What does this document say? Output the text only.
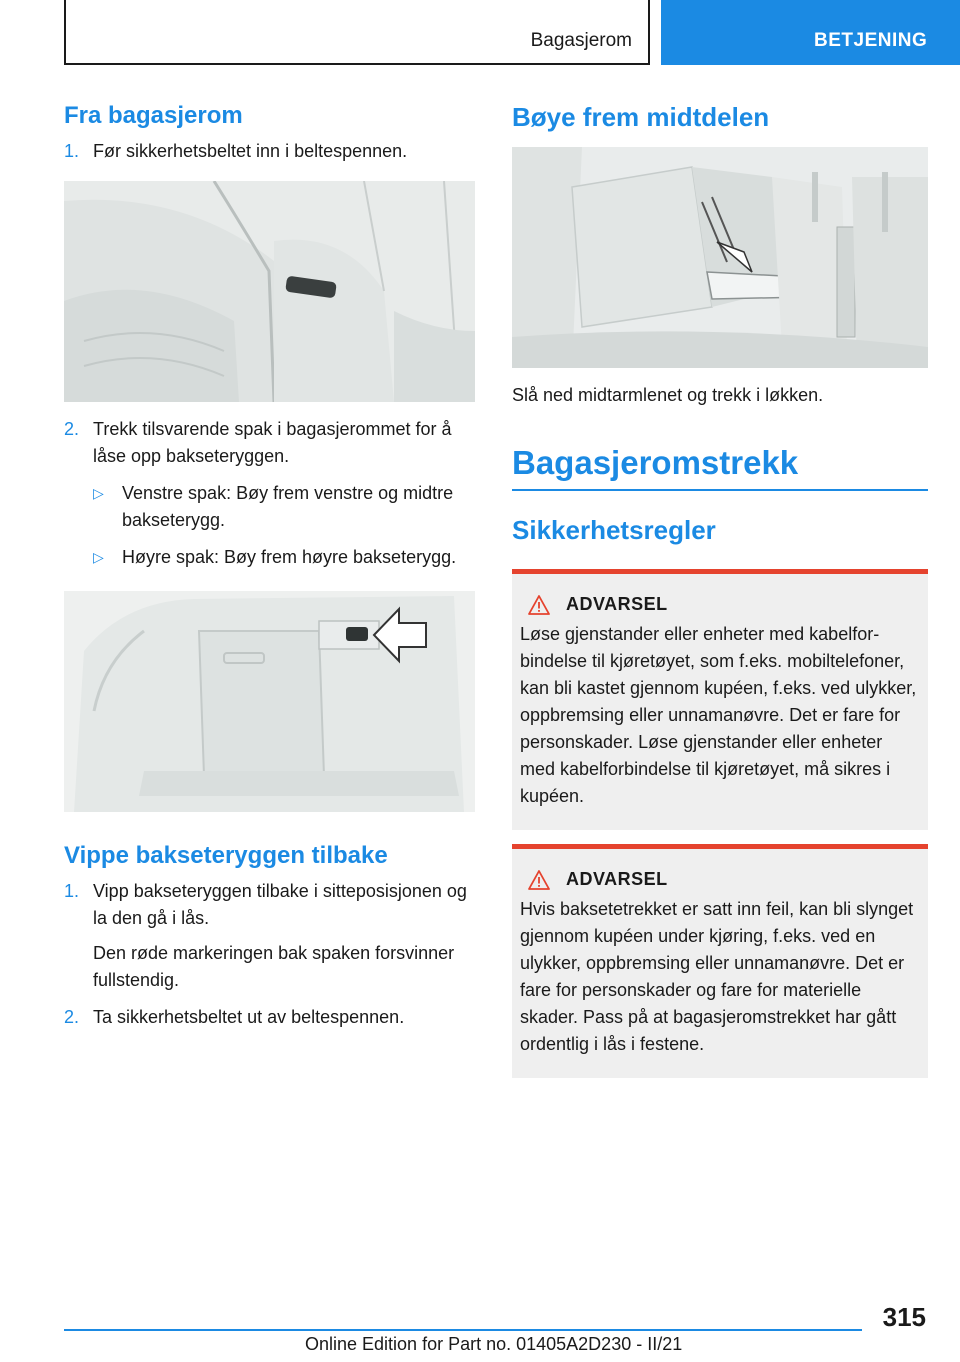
Bagasjerom	BETJENING
Fra bagasjerom
1. Før sikkerhetsbeltet inn i beltespennen.
2. Trekk tilsvarende spak i bagasjerommet for å låse opp bakseteryggen.
▷ Venstre spak: Bøy frem venstre og midtre bakseterygg.
▷ Høyre spak: Bøy frem høyre bakseterygg.
Vippe bakseteryggen tilbake
1. Vipp bakseteryggen tilbake i sitteposisjonen og la den gå i lås.
Den røde markeringen bak spaken forsvinner fullstendig.
2. Ta sikkerhetsbeltet ut av beltespennen.
Bøye frem midtdelen
Slå ned midtarmlenet og trekk i løkken.
Bagasjeromstrekk
Sikkerhetsregler
ADVARSEL
Løse gjenstander eller enheter med kabelforbindelse til kjøretøyet, som f.eks. mobiltelefoner, kan bli kastet gjennom kupéen, f.eks. ved ulykker, oppbremsing eller unnamanøvre. Det er fare for personskader. Løse gjenstander eller enheter med kabelforbindelse til kjøretøyet, må sikres i kupéen.
ADVARSEL
Hvis baksetetrekket er satt inn feil, kan bli slynget gjennom kupéen under kjøring, f.eks. ved en ulykker, oppbremsing eller unnamanøvre. Det er fare for personskader og fare for materielle skader. Pass på at bagasjeromstrekket har gått ordentlig i lås i festene.
315
Online Edition for Part no. 01405A2D230 - II/21
